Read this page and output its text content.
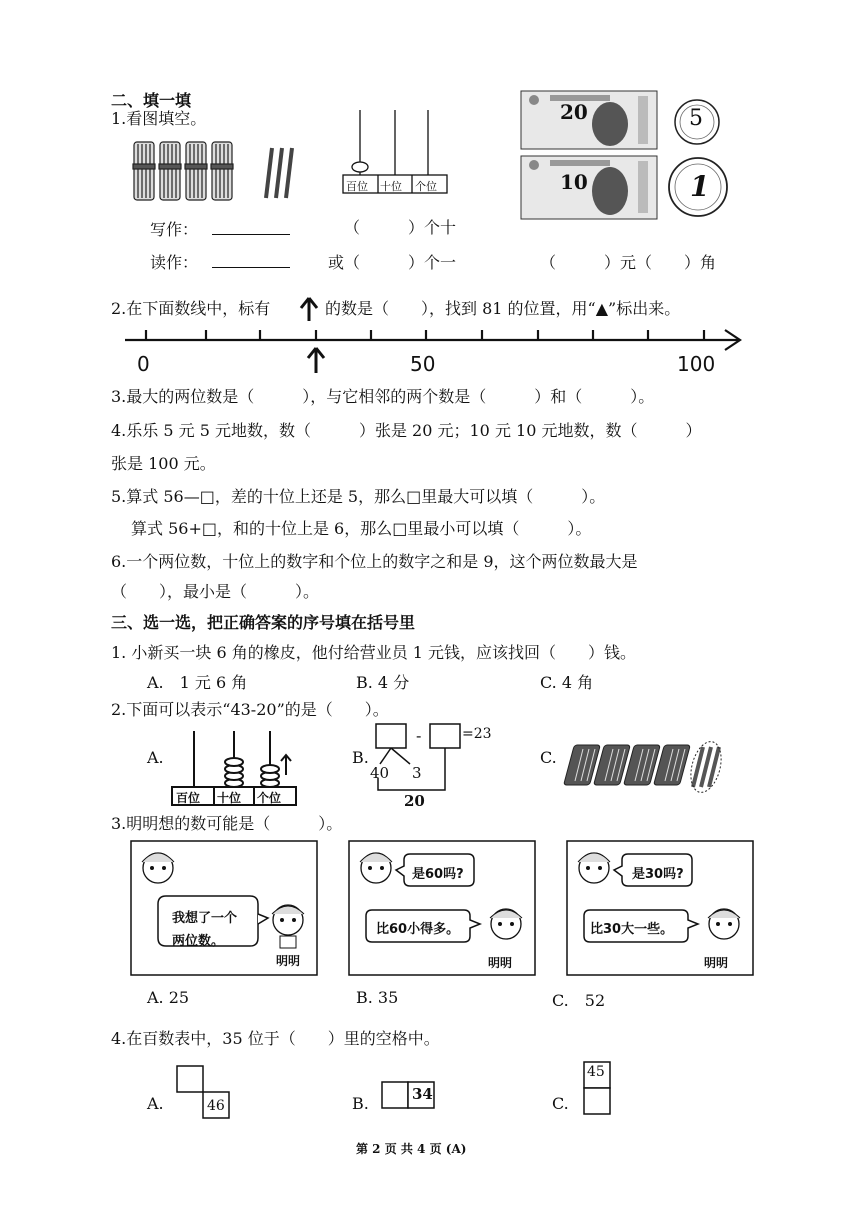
二、填一填
1.看图填空。
百位 十位 个位
20
10
5
1
写作：
读作：
（　　　）个十
或（　　　）个一	（　　　）元（　　）角
2.在下面数线中，标有	的数是（　　），找到 81 的位置，用“▲”标出来。
0	50	100
3.最大的两位数是（　　　），与它相邻的两个数是（　　　）和（　　　）。
4.乐乐 5 元 5 元地数，数（　　　）张是 20 元；10 元 10 元地数，数（　　　）
张是 100 元。
5.算式 56—□，差的十位上还是 5，那么□里最大可以填（　　　）。
算式 56+□，和的十位上是 6，那么□里最小可以填（　　　）。
6.一个两位数，十位上的数字和个位上的数字之和是 9，这个两位数最大是
（　　），最小是（　　　）。
三、选一选，把正确答案的序号填在括号里
1. 小新买一块 6 角的橡皮，他付给营业员 1 元钱，应该找回（　　）钱。
A.　1 元 6 角	B. 4 分	C. 4 角
2.下面可以表示“43-20”的是（　　）。
A.
百位 十位 个位
B.
-	=23
40 3
20
C.
3.明明想的数可能是（　　　）。
我想了一个
两位数。
明明
是60吗?
比60小得多。
明明
是30吗?
比30大一些。
明明
A. 25	B. 35	C.　52
4.在百数表中，35 位于（　　）里的空格中。
A.	46	B.	34	C.
45
第 2 页 共 4 页 (A)
